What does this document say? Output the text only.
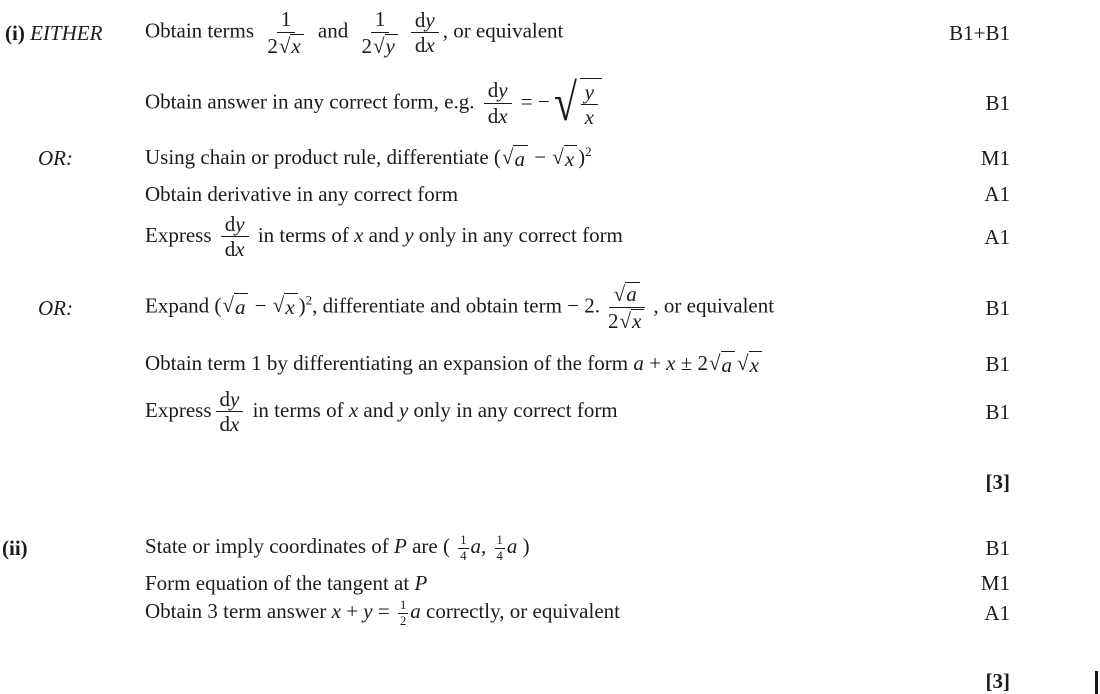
(i) EITHER	Obtain terms $\frac{1}{2 √ x}$ and $\frac{1}{2 √ y} \frac{dy}{dx}$ , or equivalent	B1+B1
Obtain answer in any correct form, e.g. $\frac{dy}{dx}$ = − √ $\frac{y}{x}$	B1
OR:	Using chain or product rule, differentiate ( √ a − √ x )$^2$	M1
Obtain derivative in any correct form	A1
Express $\frac{dy}{dx}$ in terms of x and y only in any correct form	A1
OR:	Expand ( √ a − √ x )$^2$, differentiate and obtain term − 2. $\frac{√ a}{2 √ x}$ , or equivalent	B1
Obtain term 1 by differentiating an expansion of the form a + x ± 2 √ a √ x	B1
Express $\frac{dy}{dx}$ in terms of x and y only in any correct form	B1
[3]
(ii)	State or imply coordinates of P are ( $\frac{1}{4} a$, $\frac{1}{4}$ a )	B1
Form equation of the tangent at P	M1
Obtain 3 term answer $x + y = \frac{1}{2}$ a correctly, or equivalent	A1
[3]
